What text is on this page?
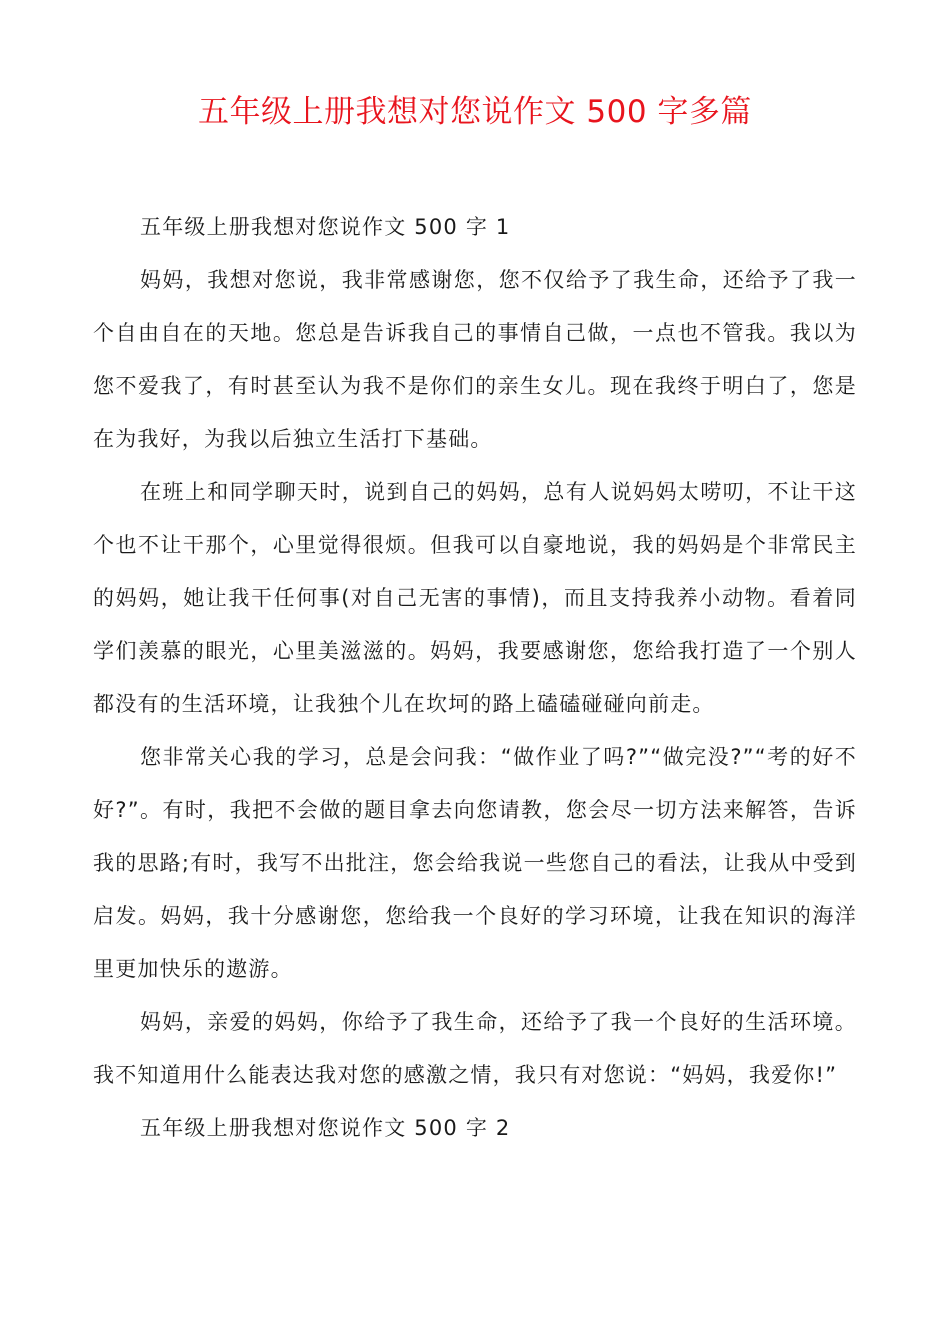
五年级上册我想对您说作文 500 字多篇

五年级上册我想对您说作文 500 字 1

妈妈，我想对您说，我非常感谢您，您不仅给予了我生命，还给予了我一个自由自在的天地。您总是告诉我自己的事情自己做，一点也不管我。我以为您不爱我了，有时甚至认为我不是你们的亲生女儿。现在我终于明白了，您是在为我好，为我以后独立生活打下基础。

在班上和同学聊天时，说到自己的妈妈，总有人说妈妈太唠叨，不让干这个也不让干那个，心里觉得很烦。但我可以自豪地说，我的妈妈是个非常民主的妈妈，她让我干任何事(对自己无害的事情)，而且支持我养小动物。看着同学们羡慕的眼光，心里美滋滋的。妈妈，我要感谢您，您给我打造了一个别人都没有的生活环境，让我独个儿在坎坷的路上磕磕碰碰向前走。

您非常关心我的学习，总是会问我：“做作业了吗?”“做完没?”“考的好不好?”。有时，我把不会做的题目拿去向您请教，您会尽一切方法来解答，告诉我的思路;有时，我写不出批注，您会给我说一些您自己的看法，让我从中受到启发。妈妈，我十分感谢您，您给我一个良好的学习环境，让我在知识的海洋里更加快乐的遨游。

妈妈，亲爱的妈妈，你给予了我生命，还给予了我一个良好的生活环境。我不知道用什么能表达我对您的感激之情，我只有对您说：“妈妈，我爱你!”

五年级上册我想对您说作文 500 字 2
